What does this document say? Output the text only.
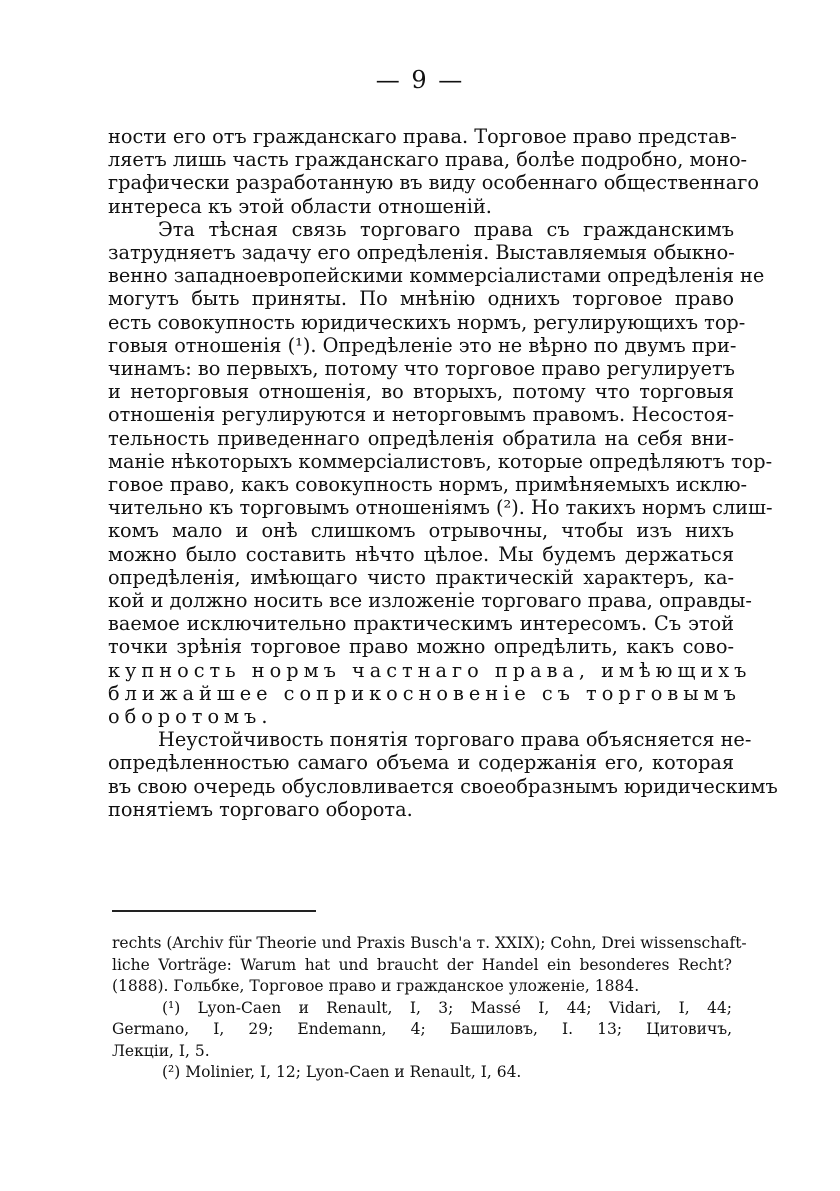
— 9 —
ности его отъ гражданскаго права. Торговое право представ-
ляетъ лишь часть гражданскаго права, болѣе подробно, моно-
графически разработанную въ виду особеннаго общественнаго
интереса къ этой области отношеній.
Эта тѣсная связь торговаго права съ гражданскимъ
затрудняетъ задачу его опредѣленія. Выставляемыя обыкно-
венно западноевропейскими коммерсіалистами опредѣленія не
могутъ быть приняты. По мнѣнію однихъ торговое право
есть совокупность юридическихъ нормъ, регулирующихъ тор-
говыя отношенія (¹). Опредѣленіе это не вѣрно по двумъ при-
чинамъ: во первыхъ, потому что торговое право регулируетъ
и неторговыя отношенія, во вторыхъ, потому что торговыя
отношенія регулируются и неторговымъ правомъ. Несостоя-
тельность приведеннаго опредѣленія обратила на себя вни-
маніе нѣкоторыхъ коммерсіалистовъ, которые опредѣляютъ тор-
говое право, какъ совокупность нормъ, примѣняемыхъ исклю-
чительно къ торговымъ отношеніямъ (²). Но такихъ нормъ слиш-
комъ мало и онѣ слишкомъ отрывочны, чтобы изъ нихъ
можно было составить нѣчто цѣлое. Мы будемъ держаться
опредѣленія, имѣющаго чисто практическій характеръ, ка-
кой и должно носить все изложеніе торговаго права, оправды-
ваемое исключительно практическимъ интересомъ. Съ этой
точки зрѣнія торговое право можно опредѣлить, какъ сово-
купность нормъ частнаго права, имѣющихъ
ближайшее соприкосновеніе съ торговымъ
оборотомъ.
Неустойчивость понятія торговаго права объясняется не-
опредѣленностью самаго объема и содержанія его, которая
въ свою очередь обусловливается своеобразнымъ юридическимъ
понятіемъ торговаго оборота.
rechts (Archiv für Theorie und Praxis Busch'a т. XXIX); Cohn, Drei wissenschaft-
liche Vorträge: Warum hat und braucht der Handel ein besonderes Recht?
(1888). Гольбке, Торговое право и гражданское уложеніе, 1884.
(¹) Lyon-Caen и Renault, I, 3; Massé I, 44; Vidari, I, 44;
Germano, I, 29; Endemann, 4; Башиловъ, I. 13; Цитовичъ,
Лекціи, I, 5.
(²) Molinier, I, 12; Lyon-Caen и Renault, I, 64.
